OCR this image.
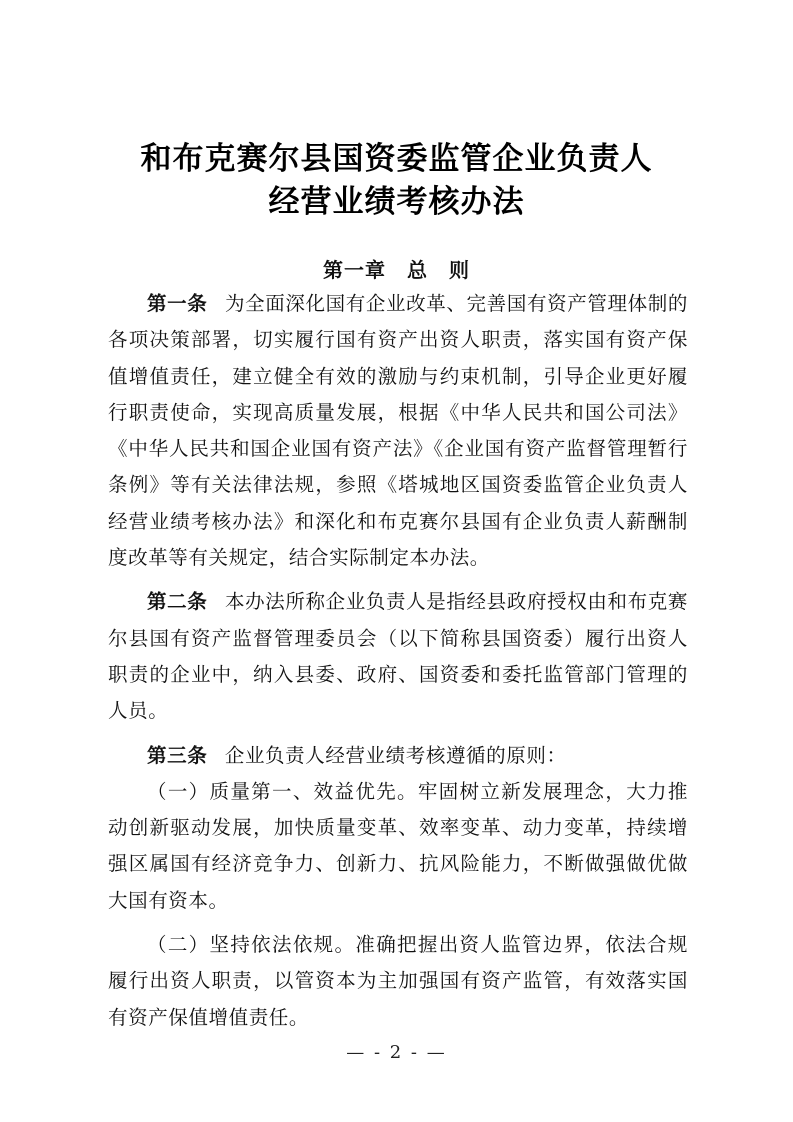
和布克赛尔县国资委监管企业负责人
经营业绩考核办法
第一章　总　则

第一条 为全面深化国有企业改革、完善国有资产管理体制的各项决策部署，切实履行国有资产出资人职责，落实国有资产保值增值责任，建立健全有效的激励与约束机制，引导企业更好履行职责使命，实现高质量发展，根据《中华人民共和国公司法》《中华人民共和国企业国有资产法》《企业国有资产监督管理暂行条例》等有关法律法规，参照《塔城地区国资委监管企业负责人经营业绩考核办法》和深化和布克赛尔县国有企业负责人薪酬制度改革等有关规定，结合实际制定本办法。

第二条 本办法所称企业负责人是指经县政府授权由和布克赛尔县国有资产监督管理委员会（以下简称县国资委）履行出资人职责的企业中，纳入县委、政府、国资委和委托监管部门管理的人员。

第三条 企业负责人经营业绩考核遵循的原则：

（一）质量第一、效益优先。牢固树立新发展理念，大力推动创新驱动发展，加快质量变革、效率变革、动力变革，持续增强区属国有经济竞争力、创新力、抗风险能力，不断做强做优做大国有资本。

（二）坚持依法依规。准确把握出资人监管边界，依法合规履行出资人职责，以管资本为主加强国有资产监管，有效落实国有资产保值增值责任。

— - 2 - —
